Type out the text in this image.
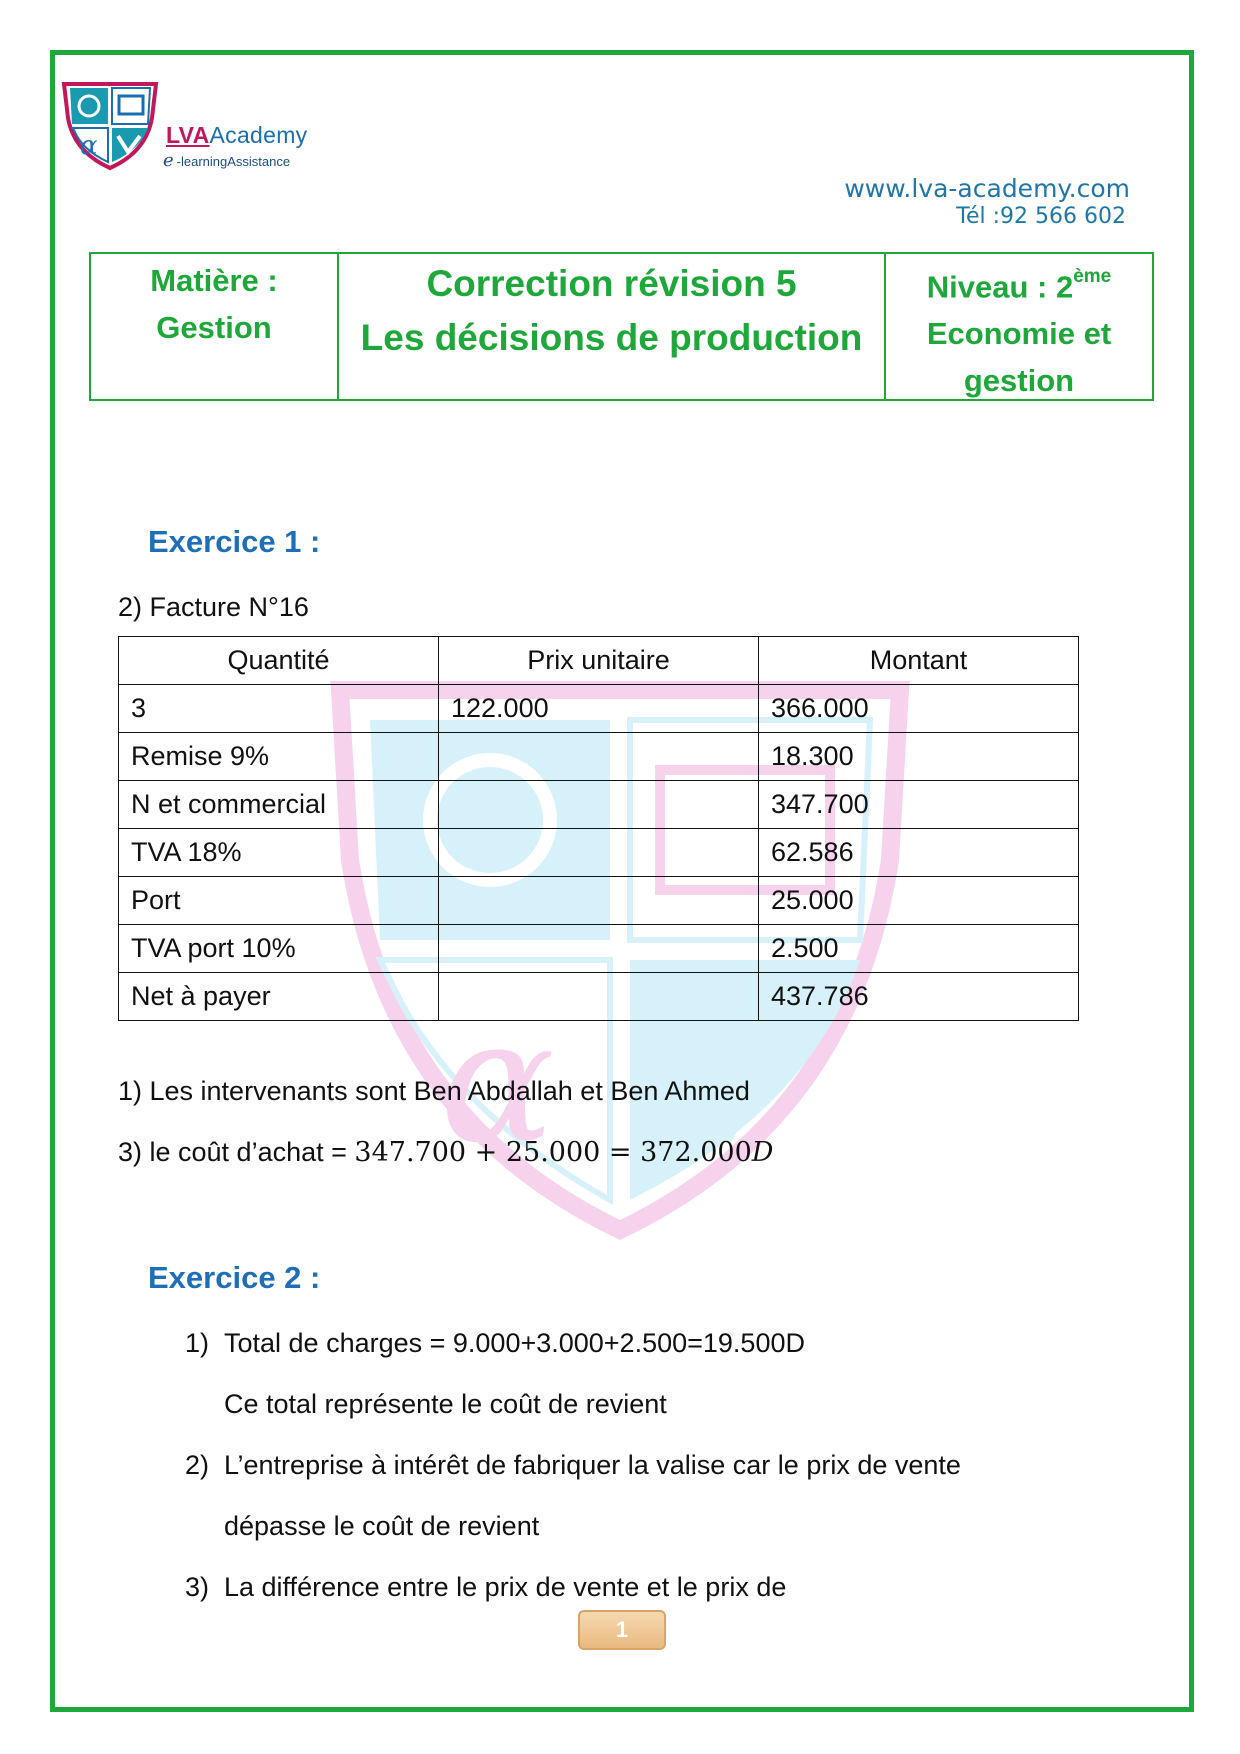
α	LVAAcademy
e -learningAssistance
www.lva-academy.com
Tél :92 566 602
Matière :
Gestion
Correction révision 5
Les décisions de production
Niveau : 2ème
Economie et
gestion
α
Exercice 1 :
2) Facture N°16
Quantité	Prix unitaire	Montant
3	122.000	366.000
Remise 9%		18.300
N et commercial		347.700
TVA 18%		62.586
Port		25.000
TVA port 10%		2.500
Net à payer		437.786
1) Les intervenants sont Ben Abdallah et Ben Ahmed
3) le coût d’achat = 347.700 + 25.000 = 372.000D
Exercice 2 :
1) Total de charges = 9.000+3.000+2.500=19.500D
Ce total représente le coût de revient
2) L’entreprise à intérêt de fabriquer la valise car le prix de vente
dépasse le coût de revient
3) La différence entre le prix de vente et le prix de
1
